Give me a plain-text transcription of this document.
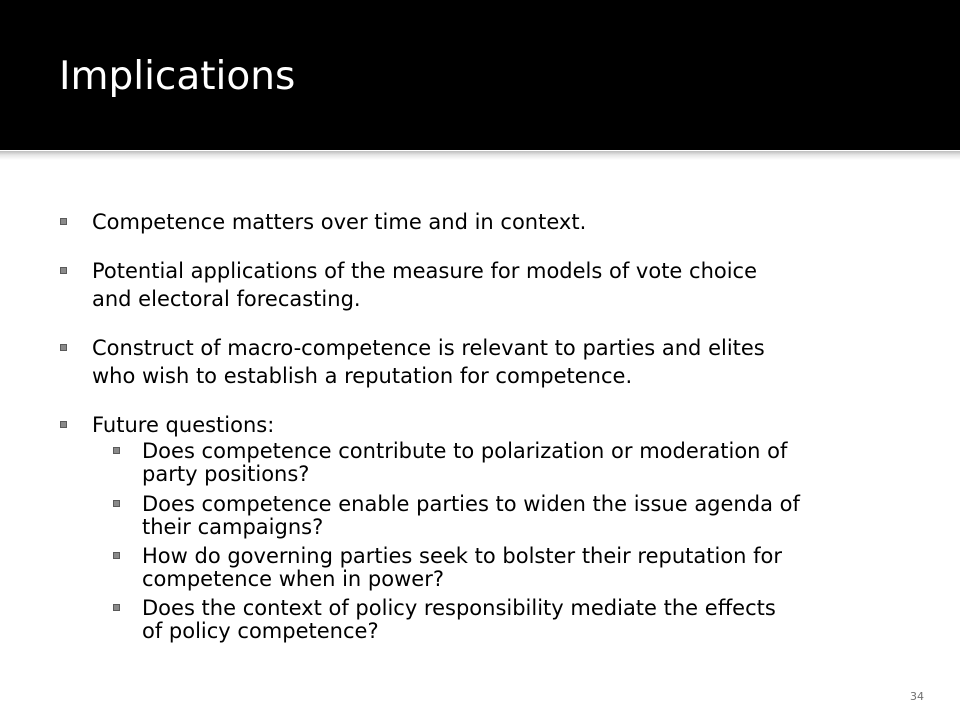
Implications
Competence matters over time and in context.
Potential applications of the measure for models of vote choice
and electoral forecasting.
Construct of macro-competence is relevant to parties and elites
who wish to establish a reputation for competence.
Future questions:
Does competence contribute to polarization or moderation of
party positions?
Does competence enable parties to widen the issue agenda of
their campaigns?
How do governing parties seek to bolster their reputation for
competence when in power?
Does the context of policy responsibility mediate the effects
of policy competence?
34
